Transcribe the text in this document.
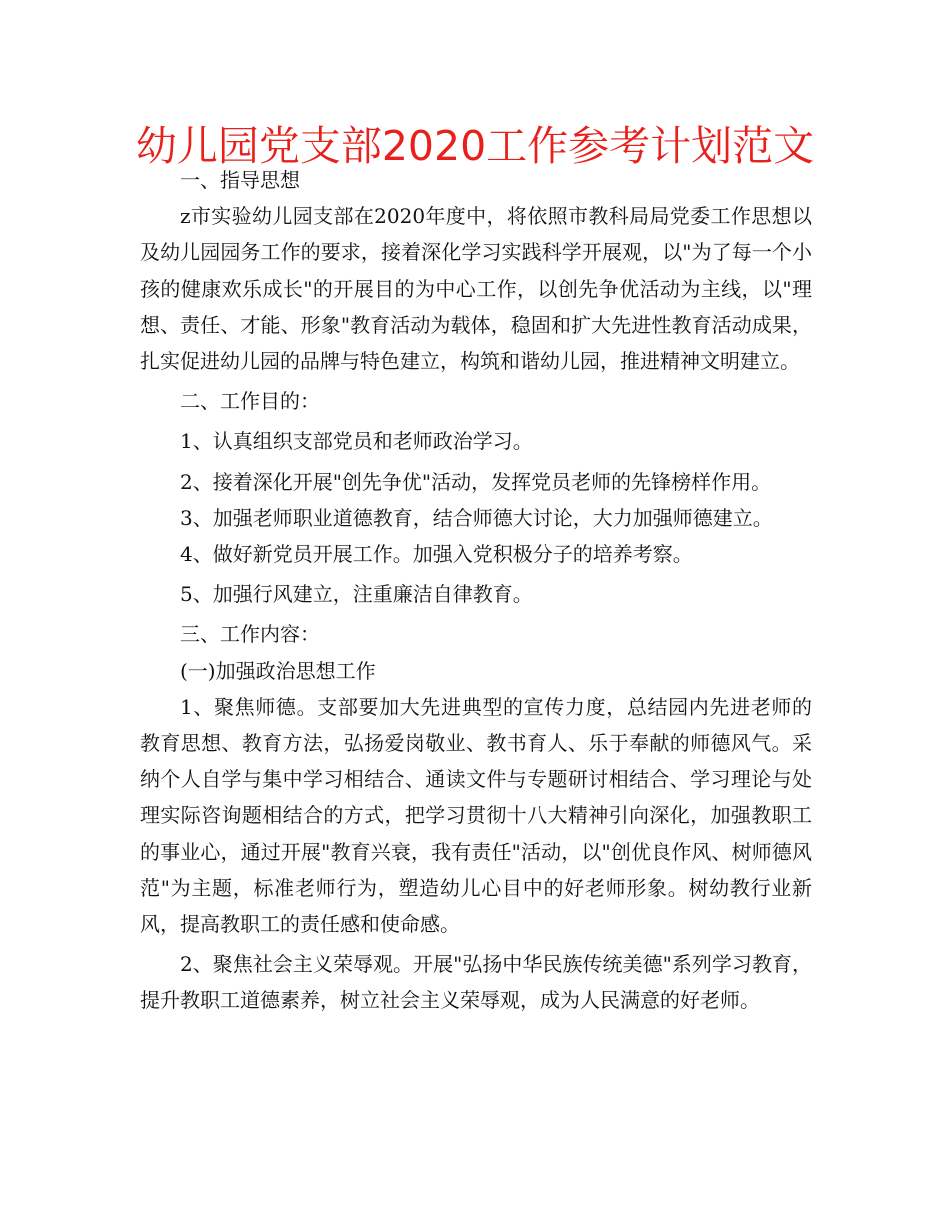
幼儿园党支部2020工作参考计划范文

一、指导思想

z市实验幼儿园支部在2020年度中，将依照市教科局局党委工作思想以及幼儿园园务工作的要求，接着深化学习实践科学开展观，以"为了每一个小孩的健康欢乐成长"的开展目的为中心工作，以创先争优活动为主线，以"理想、责任、才能、形象"教育活动为载体，稳固和扩大先进性教育活动成果，扎实促进幼儿园的品牌与特色建立，构筑和谐幼儿园，推进精神文明建立。

二、工作目的：

1、认真组织支部党员和老师政治学习。

2、接着深化开展"创先争优"活动，发挥党员老师的先锋榜样作用。

3、加强老师职业道德教育，结合师德大讨论，大力加强师德建立。

4、做好新党员开展工作。加强入党积极分子的培养考察。

5、加强行风建立，注重廉洁自律教育。

三、工作内容：

(一)加强政治思想工作

1、聚焦师德。支部要加大先进典型的宣传力度，总结园内先进老师的教育思想、教育方法，弘扬爱岗敬业、教书育人、乐于奉献的师德风气。采纳个人自学与集中学习相结合、通读文件与专题研讨相结合、学习理论与处理实际咨询题相结合的方式，把学习贯彻十八大精神引向深化，加强教职工的事业心，通过开展"教育兴衰，我有责任"活动，以"创优良作风、树师德风范"为主题，标准老师行为，塑造幼儿心目中的好老师形象。树幼教行业新风，提高教职工的责任感和使命感。

2、聚焦社会主义荣辱观。开展"弘扬中华民族传统美德"系列学习教育，提升教职工道德素养，树立社会主义荣辱观，成为人民满意的好老师。
